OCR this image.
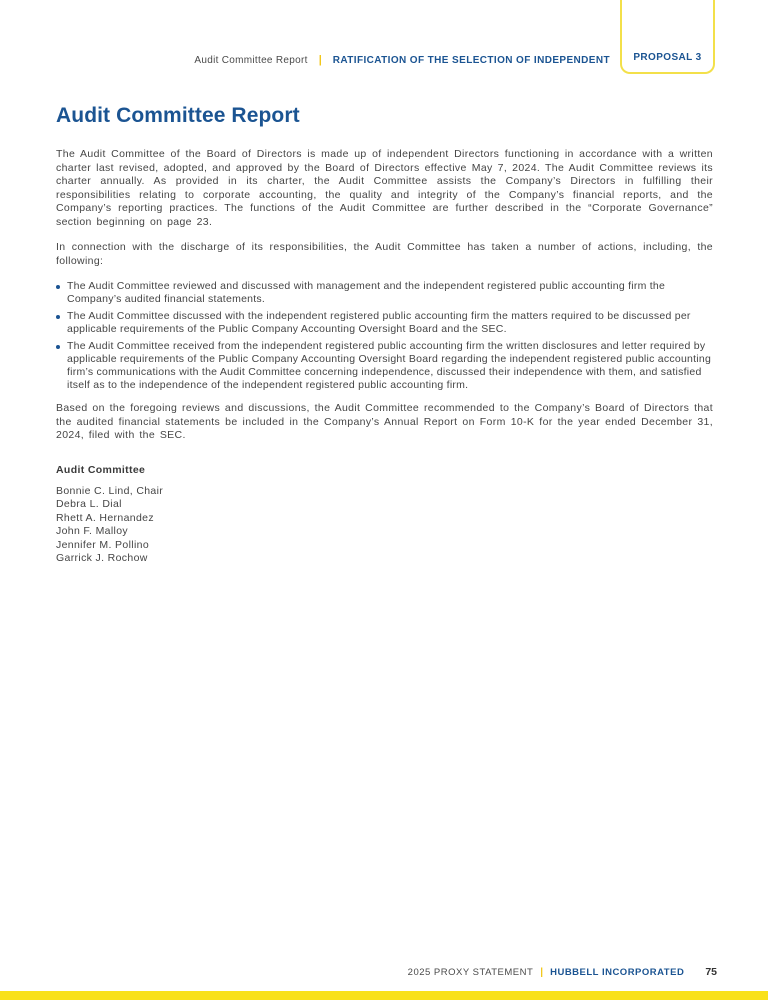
Audit Committee Report | RATIFICATION OF THE SELECTION OF INDEPENDENT PROPOSAL 3
Audit Committee Report

The Audit Committee of the Board of Directors is made up of independent Directors functioning in accordance with a written charter last revised, adopted, and approved by the Board of Directors effective May 7, 2024. The Audit Committee reviews its charter annually. As provided in its charter, the Audit Committee assists the Company’s Directors in fulfilling their responsibilities relating to corporate accounting, the quality and integrity of the Company’s financial reports, and the Company’s reporting practices. The functions of the Audit Committee are further described in the “Corporate Governance” section beginning on page 23.

In connection with the discharge of its responsibilities, the Audit Committee has taken a number of actions, including, the following:

The Audit Committee reviewed and discussed with management and the independent registered public accounting firm the Company’s audited financial statements.
The Audit Committee discussed with the independent registered public accounting firm the matters required to be discussed per applicable requirements of the Public Company Accounting Oversight Board and the SEC.
The Audit Committee received from the independent registered public accounting firm the written disclosures and letter required by applicable requirements of the Public Company Accounting Oversight Board regarding the independent registered public accounting firm’s communications with the Audit Committee concerning independence, discussed their independence with them, and satisfied itself as to the independence of the independent registered public accounting firm.

Based on the foregoing reviews and discussions, the Audit Committee recommended to the Company’s Board of Directors that the audited financial statements be included in the Company’s Annual Report on Form 10-K for the year ended December 31, 2024, filed with the SEC.

Audit Committee
Bonnie C. Lind, Chair
Debra L. Dial
Rhett A. Hernandez
John F. Malloy
Jennifer M. Pollino
Garrick J. Rochow
2025 PROXY STATEMENT | HUBBELL INCORPORATED 75
